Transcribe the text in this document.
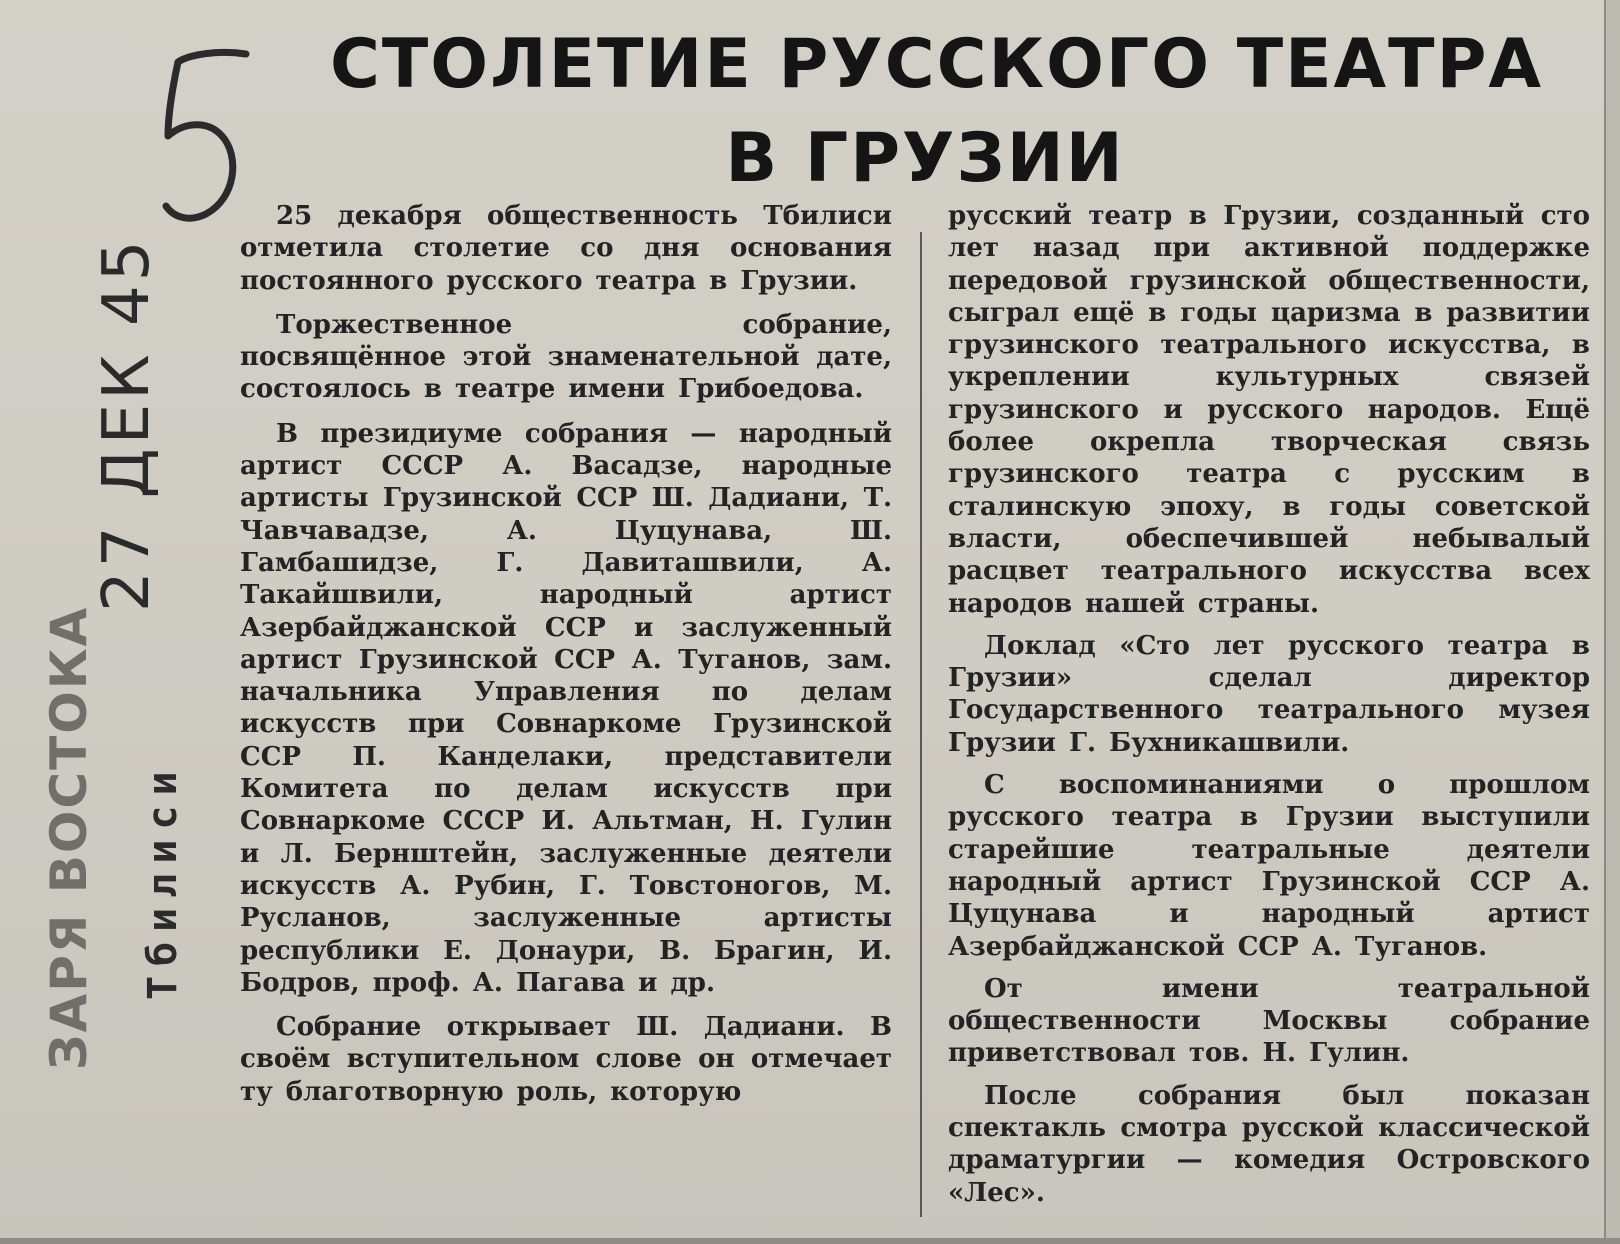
ЗАРЯ ВОСТОКА Тбилиси
27 ДЕК 45
СТОЛЕТИЕ РУССКОГО ТЕАТРА
В ГРУЗИИ

25 декабря общественность Тбилиси отметила столетие со дня основания постоянного русского театра в Грузии.

Торжественное собрание, посвящённое этой знаменательной дате, состоялось в театре имени Грибоедова.

В президиуме собрания — народный артист СССР А. Васадзе, народные артисты Грузинской ССР Ш. Дадиани, Т. Чавчавадзе, А. Цуцунава, Ш. Гамбашидзе, Г. Давиташвили, А. Такайшвили, народный артист Азербайджанской ССР и заслуженный артист Грузинской ССР А. Туганов, зам. начальника Управления по делам искусств при Совнаркоме Грузинской ССР П. Канделаки, представители Комитета по делам искусств при Совнаркоме СССР И. Альтман, Н. Гулин и Л. Бернштейн, заслуженные деятели искусств А. Рубин, Г. Товстоногов, М. Русланов, заслуженные артисты республики Е. Донаури, В. Брагин, И. Бодров, проф. А. Пагава и др.

Собрание открывает Ш. Дадиани. В своём вступительном слове он отмечает ту благотворную роль, которую

русский театр в Грузии, созданный сто лет назад при активной поддержке передовой грузинской общественности, сыграл ещё в годы царизма в развитии грузинского театрального искусства, в укреплении культурных связей грузинского и русского народов. Ещё более окрепла творческая связь грузинского театра с русским в сталинскую эпоху, в годы советской власти, обеспечившей небывалый расцвет театрального искусства всех народов нашей страны.

Доклад «Сто лет русского театра в Грузии» сделал директор Государственного театрального музея Грузии Г. Бухникашвили.

С воспоминаниями о прошлом русского театра в Грузии выступили старейшие театральные деятели народный артист Грузинской ССР А. Цуцунава и народный артист Азербайджанской ССР А. Туганов.

От имени театральной общественности Москвы собрание приветствовал тов. Н. Гулин.

После собрания был показан спектакль смотра русской классической драматургии — комедия Островского «Лес».
